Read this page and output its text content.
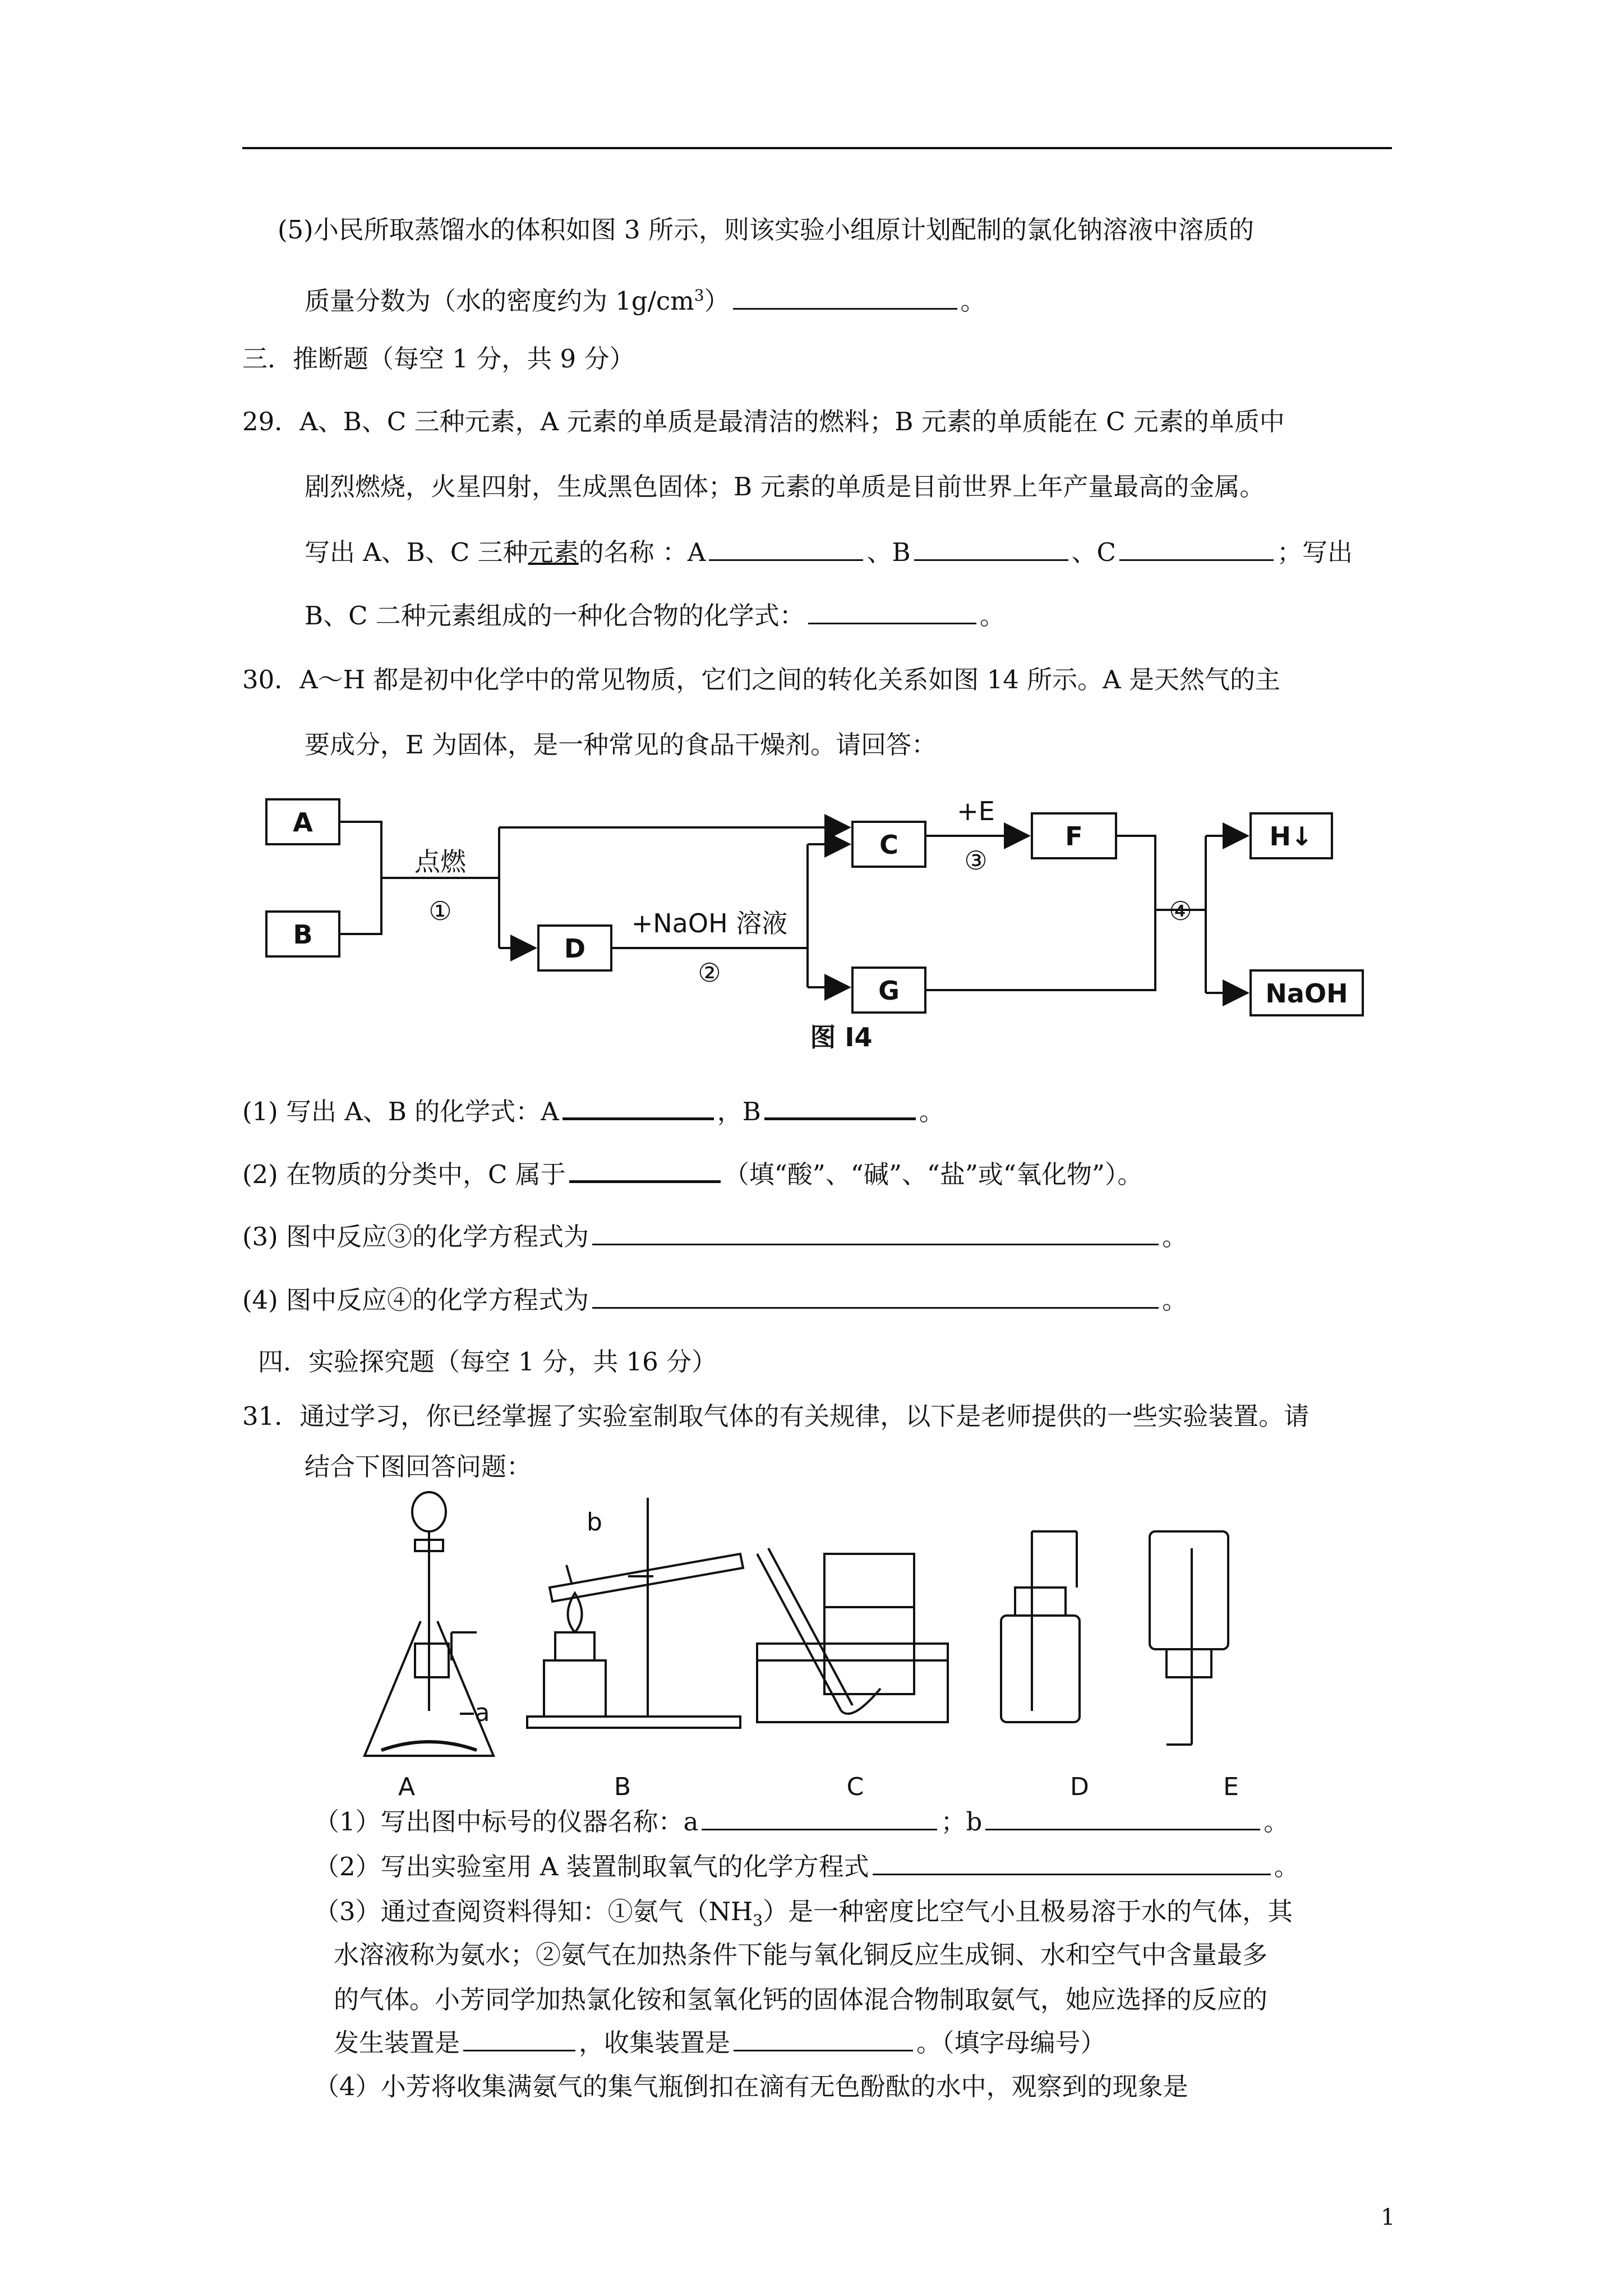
(5)小民所取蒸馏水的体积如图 3 所示，则该实验小组原计划配制的氯化钠溶液中溶质的
质量分数为（水的密度约为 $1g/cm^3$）	。
三．推断题（每空 1 分，共 9 分）
29．A、B、C 三种元素，A 元素的单质是最清洁的燃料；B 元素的单质能在 C 元素的单质中
剧烈燃烧，火星四射，生成黑色固体；B 元素的单质是目前世界上年产量最高的金属。
写出 A、B、C 三种元素的名称 ：A	、B	、C	；写出
B、C 二种元素组成的一种化合物的化学式：	。
30．A～H 都是初中化学中的常见物质，它们之间的转化关系如图 14 所示。A 是天然气的主
要成分，E 为固体，是一种常见的食品干燥剂。请回答：
A
B
C
D
F
G
H↓
NaOH
点燃
①	+NaOH 溶液
②
+E
③
④
图 I4
(1) 写出 A、B 的化学式：A	，B	。
(2) 在物质的分类中，C 属于	（填“酸”、“碱”、“盐”或“氧化物”）。
(3) 图中反应③的化学方程式为	。
(4) 图中反应④的化学方程式为	。
四．实验探究题（每空 1 分，共 16 分）
31．通过学习，你已经掌握了实验室制取气体的有关规律，以下是老师提供的一些实验装置。请
结合下图回答问题：
a
b
A	B	C	D	E
（1）写出图中标号的仪器名称：a	；b	。
（2）写出实验室用 A 装置制取氧气的化学方程式	。
（3）通过查阅资料得知：①氨气$(NH_3)$是一种密度比空气小且极易溶于水的气体，其
水溶液称为氨水；②氨气在加热条件下能与氧化铜反应生成铜、水和空气中含量最多
的气体。小芳同学加热氯化铵和氢氧化钙的固体混合物制取氨气，她应选择的反应的
发生装置是	，收集装置是	。（填字母编号）
（4）小芳将收集满氨气的集气瓶倒扣在滴有无色酚酞的水中，观察到的现象是
1
